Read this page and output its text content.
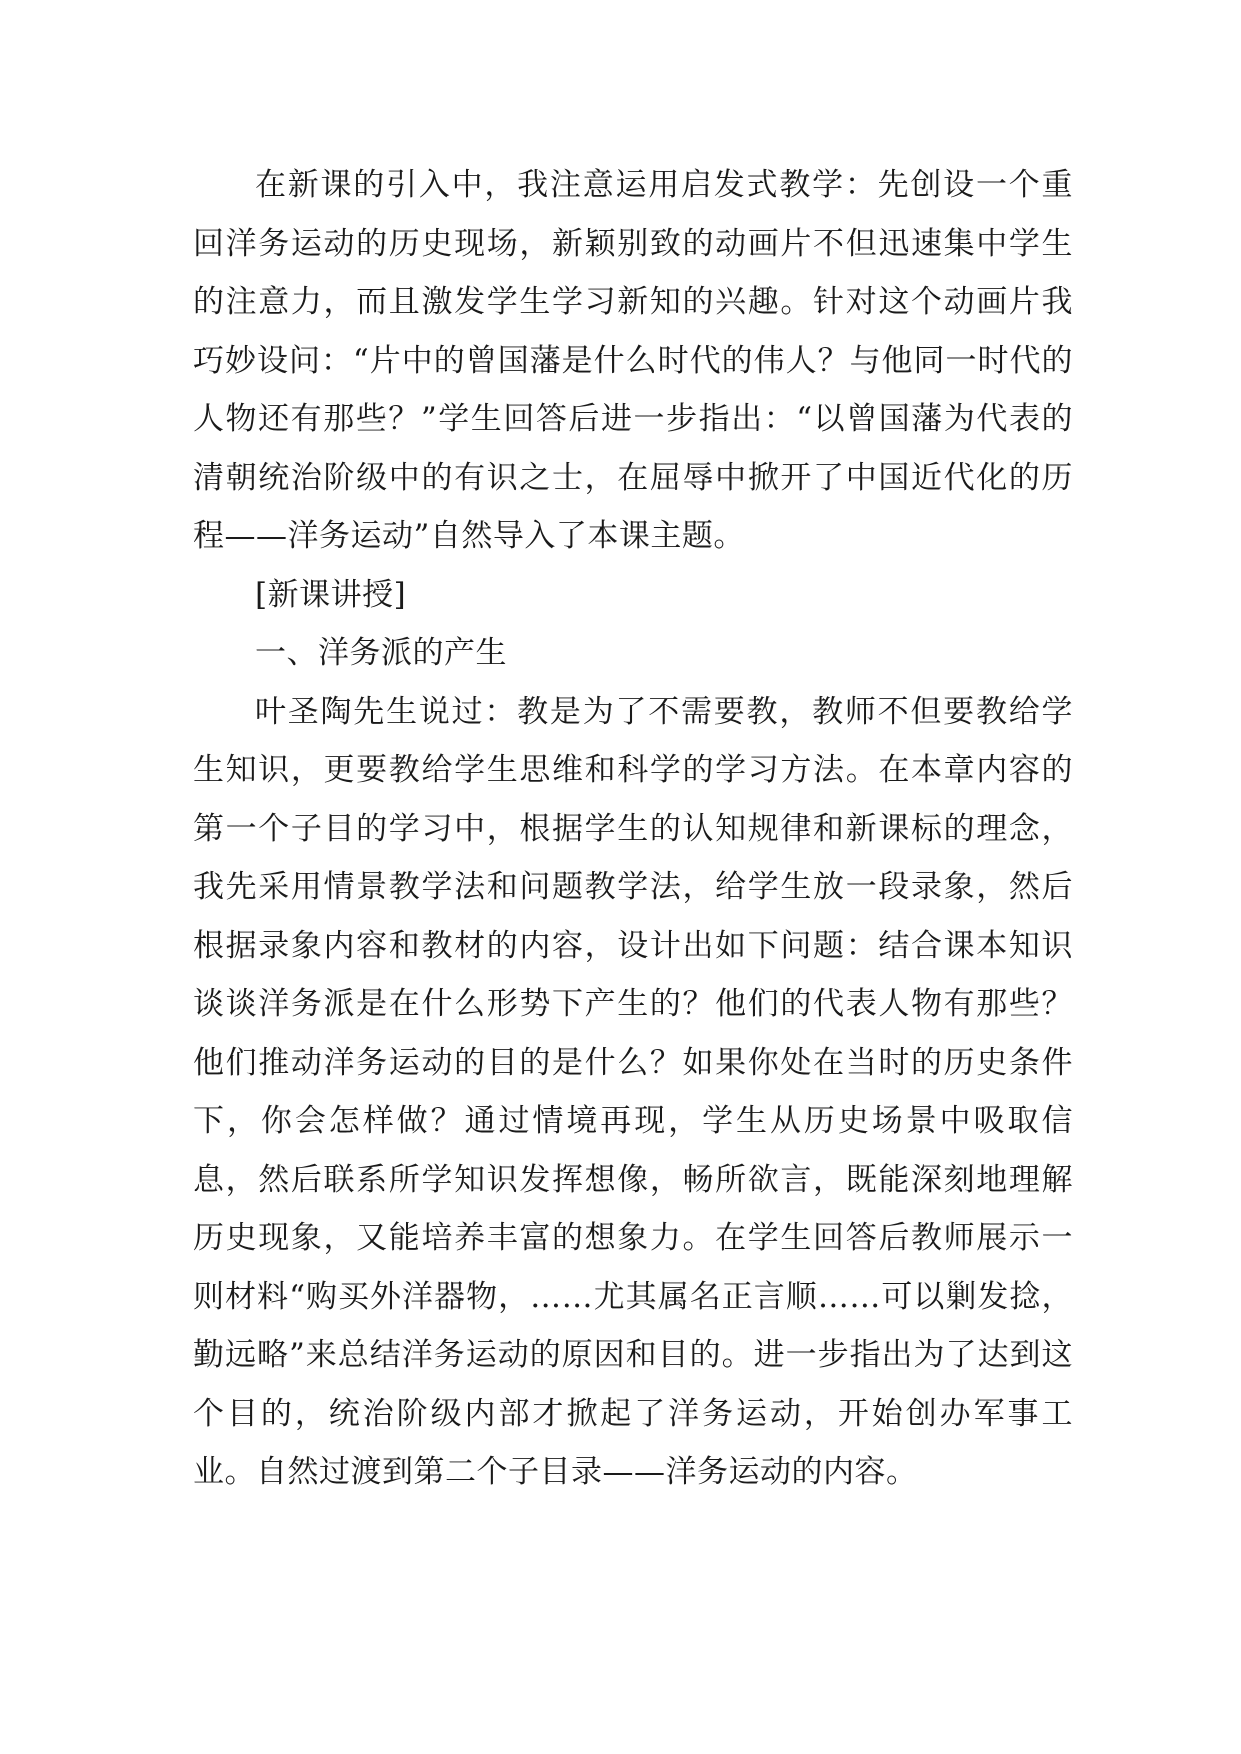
在新课的引入中，我注意运用启发式教学：先创设一个重回洋务运动的历史现场，新颖别致的动画片不但迅速集中学生的注意力，而且激发学生学习新知的兴趣。针对这个动画片我巧妙设问：“片中的曾国藩是什么时代的伟人？与他同一时代的人物还有那些？”学生回答后进一步指出：“以曾国藩为代表的清朝统治阶级中的有识之士，在屈辱中掀开了中国近代化的历程——洋务运动”自然导入了本课主题。

[新课讲授]

一、洋务派的产生

叶圣陶先生说过：教是为了不需要教，教师不但要教给学生知识，更要教给学生思维和科学的学习方法。在本章内容的第一个子目的学习中，根据学生的认知规律和新课标的理念，我先采用情景教学法和问题教学法，给学生放一段录象，然后根据录象内容和教材的内容，设计出如下问题：结合课本知识谈谈洋务派是在什么形势下产生的？他们的代表人物有那些？他们推动洋务运动的目的是什么？如果你处在当时的历史条件下，你会怎样做？通过情境再现，学生从历史场景中吸取信息，然后联系所学知识发挥想像，畅所欲言，既能深刻地理解历史现象，又能培养丰富的想象力。在学生回答后教师展示一则材料“购买外洋器物，……尤其属名正言顺……可以剿发捻，勤远略”来总结洋务运动的原因和目的。进一步指出为了达到这个目的，统治阶级内部才掀起了洋务运动，开始创办军事工业。自然过渡到第二个子目录——洋务运动的内容。
